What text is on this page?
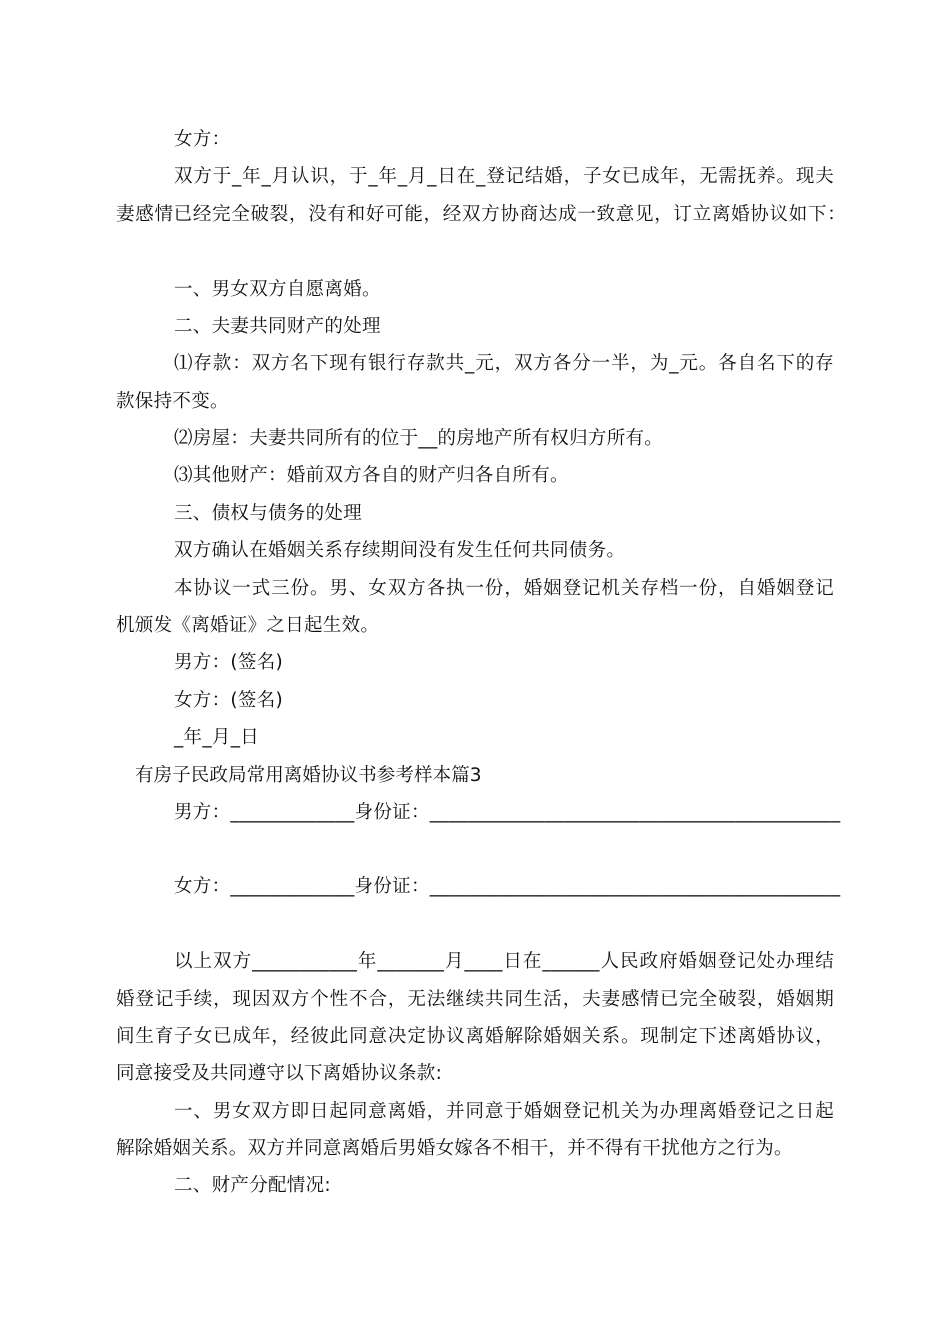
女方：
双方于_年_月认识，于_年_月_日在_登记结婚，子女已成年，无需抚养。现夫
妻感情已经完全破裂，没有和好可能，经双方协商达成一致意见，订立离婚协议如下：
一、男女双方自愿离婚。
二、夫妻共同财产的处理
⑴存款：双方名下现有银行存款共_元，双方各分一半，为_元。各自名下的存
款保持不变。
⑵房屋：夫妻共同所有的位于__的房地产所有权归方所有。
⑶其他财产：婚前双方各自的财产归各自所有。
三、债权与债务的处理
双方确认在婚姻关系存续期间没有发生任何共同债务。
本协议一式三份。男、女双方各执一份，婚姻登记机关存档一份，自婚姻登记
机颁发《离婚证》之日起生效。
男方：(签名)
女方：(签名)
_年_月_日
有房子民政局常用离婚协议书参考样本篇3
男方：_____________身份证：___________________________________________
女方：_____________身份证：___________________________________________
以上双方___________年_______月____日在______人民政府婚姻登记处办理结
婚登记手续，现因双方个性不合，无法继续共同生活，夫妻感情已完全破裂，婚姻期
间生育子女已成年，经彼此同意决定协议离婚解除婚姻关系。现制定下述离婚协议，
同意接受及共同遵守以下离婚协议条款:
一、男女双方即日起同意离婚，并同意于婚姻登记机关为办理离婚登记之日起
解除婚姻关系。双方并同意离婚后男婚女嫁各不相干，并不得有干扰他方之行为。
二、财产分配情况:
